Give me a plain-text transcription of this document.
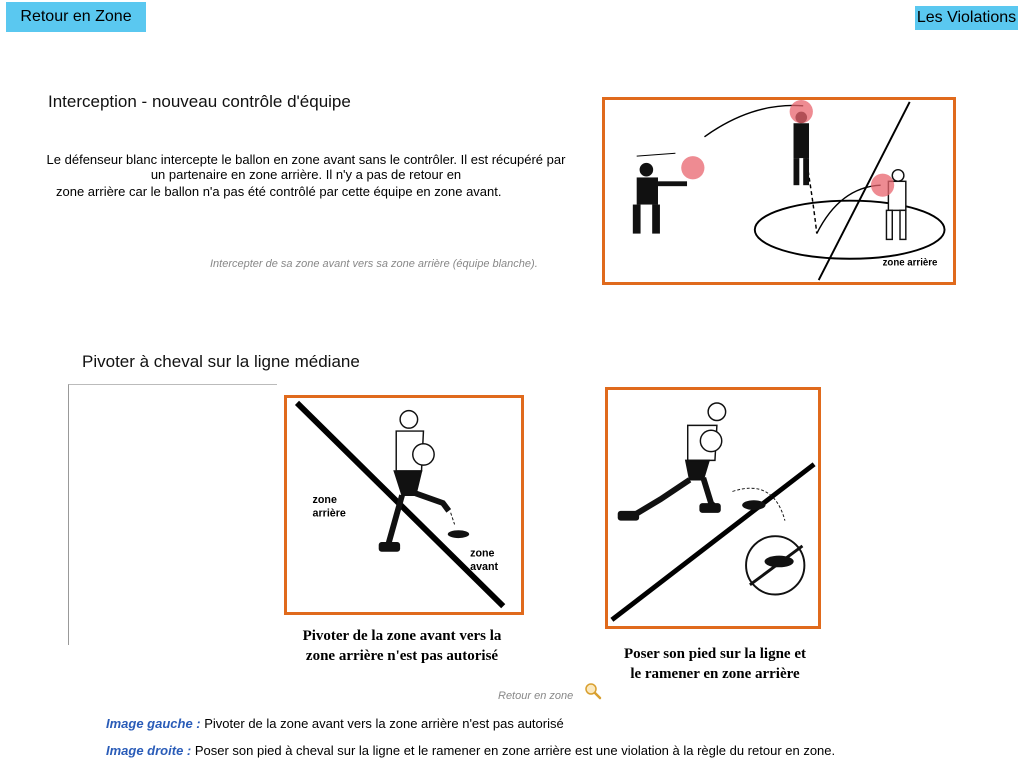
Retour en Zone	Les Violations
Interception - nouveau contrôle d'équipe
Le défenseur blanc intercepte le ballon en zone avant sans le contrôler. Il est récupéré par un partenaire en zone arrière. Il n'y a pas de retour en
zone arrière car le ballon n'a pas été contrôlé par cette équipe en zone avant.
Intercepter de sa zone avant vers sa zone arrière (équipe blanche).	zone arrière
Pivoter à cheval sur la ligne médiane
zone
arrière
zone
avant
Pivoter de la zone avant vers la
zone arrière n'est pas autorisé	Poser son pied sur la ligne et
le ramener en zone arrière
Retour en zone
Image gauche : Pivoter de la zone avant vers la zone arrière n'est pas autorisé
Image droite : Poser son pied à cheval sur la ligne et le ramener en zone arrière est une violation à la règle du retour en zone.
